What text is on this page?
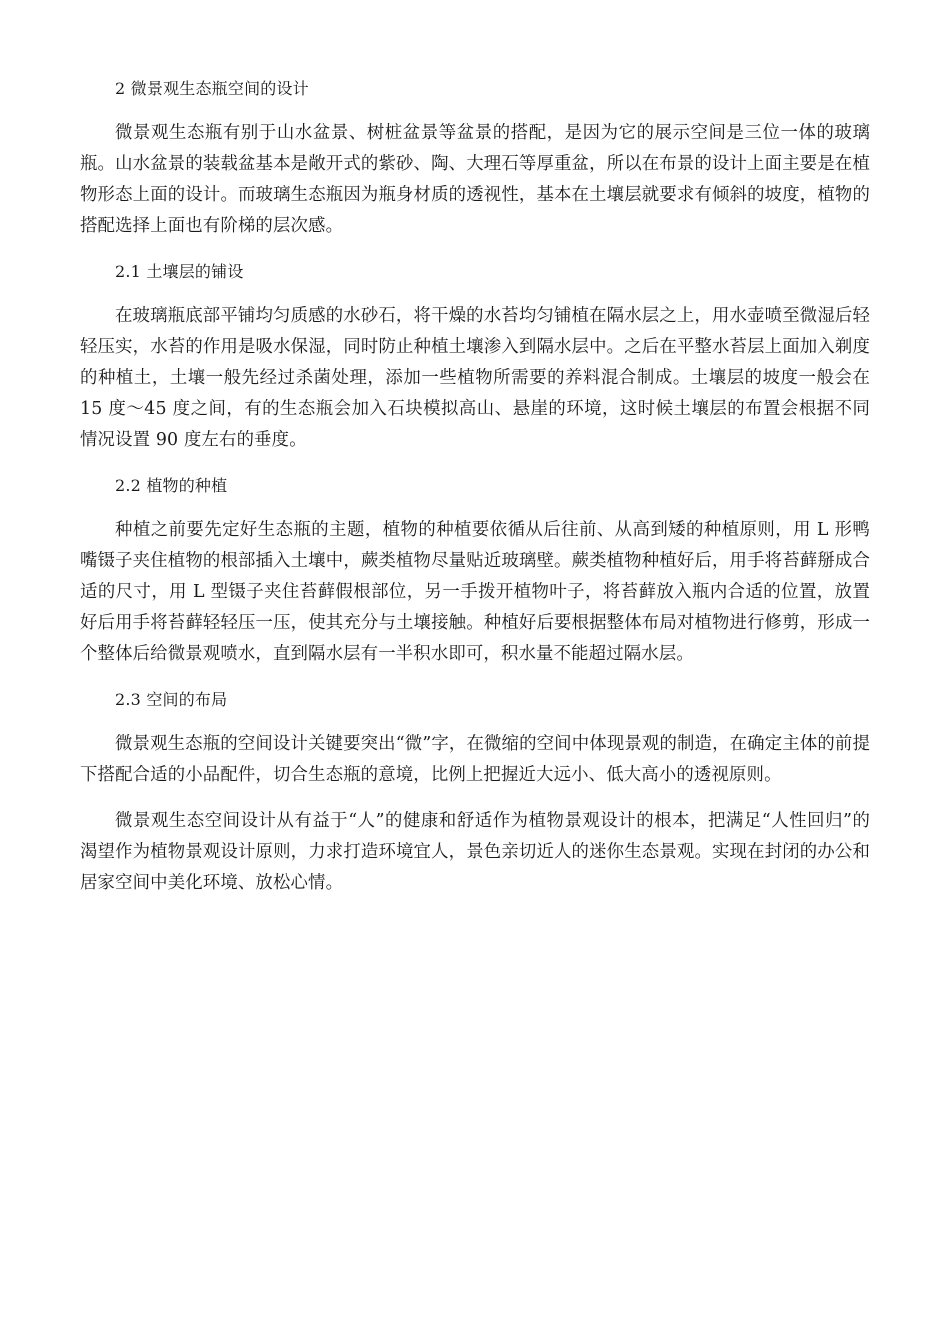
2 微景观生态瓶空间的设计

微景观生态瓶有别于山水盆景、树桩盆景等盆景的搭配，是因为它的展示空间是三位一体的玻璃瓶。山水盆景的装载盆基本是敞开式的紫砂、陶、大理石等厚重盆，所以在布景的设计上面主要是在植物形态上面的设计。而玻璃生态瓶因为瓶身材质的透视性，基本在土壤层就要求有倾斜的坡度，植物的搭配选择上面也有阶梯的层次感。

2.1 土壤层的铺设

在玻璃瓶底部平铺均匀质感的水砂石，将干燥的水苔均匀铺植在隔水层之上，用水壶喷至微湿后轻轻压实，水苔的作用是吸水保湿，同时防止种植土壤渗入到隔水层中。之后在平整水苔层上面加入剃度的种植土，土壤一般先经过杀菌处理，添加一些植物所需要的养料混合制成。土壤层的坡度一般会在 15 度～45 度之间，有的生态瓶会加入石块模拟高山、悬崖的环境，这时候土壤层的布置会根据不同情况设置 90 度左右的垂度。

2.2 植物的种植

种植之前要先定好生态瓶的主题，植物的种植要依循从后往前、从高到矮的种植原则，用 L 形鸭嘴镊子夹住植物的根部插入土壤中，蕨类植物尽量贴近玻璃壁。蕨类植物种植好后，用手将苔藓掰成合适的尺寸，用 L 型镊子夹住苔藓假根部位，另一手拨开植物叶子，将苔藓放入瓶内合适的位置，放置好后用手将苔藓轻轻压一压，使其充分与土壤接触。种植好后要根据整体布局对植物进行修剪，形成一个整体后给微景观喷水，直到隔水层有一半积水即可，积水量不能超过隔水层。

2.3 空间的布局

微景观生态瓶的空间设计关键要突出“微”字，在微缩的空间中体现景观的制造，在确定主体的前提下搭配合适的小品配件，切合生态瓶的意境，比例上把握近大远小、低大高小的透视原则。

微景观生态空间设计从有益于“人”的健康和舒适作为植物景观设计的根本，把满足“人性回归”的渴望作为植物景观设计原则，力求打造环境宜人，景色亲切近人的迷你生态景观。实现在封闭的办公和居家空间中美化环境、放松心情。
